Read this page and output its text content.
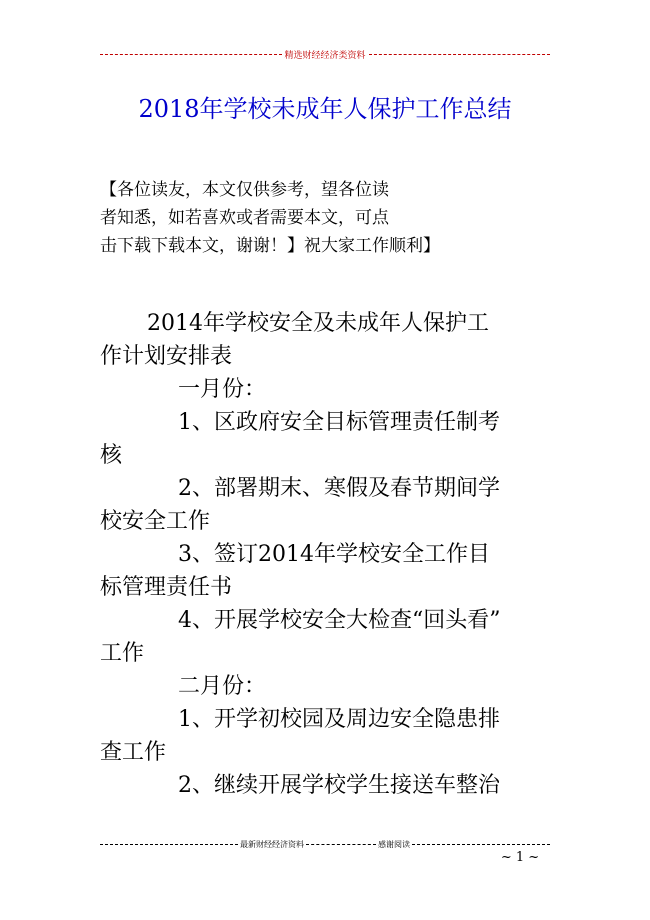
精选财经经济类资料
2018年学校未成年人保护工作总结
【各位读友，本文仅供参考，望各位读
者知悉，如若喜欢或者需要本文，可点
击下载下载本文，谢谢！】祝大家工作顺利】
2014年学校安全及未成年人保护工
作计划安排表
一月份：
1、区政府安全目标管理责任制考
核
2、部署期末、寒假及春节期间学
校安全工作
3、签订2014年学校安全工作目
标管理责任书
4、开展学校安全大检查“回头看”
工作
二月份：
1、开学初校园及周边安全隐患排
查工作
2、继续开展学校学生接送车整治
最新财经经济资料	感谢阅读
~ 1 ~
